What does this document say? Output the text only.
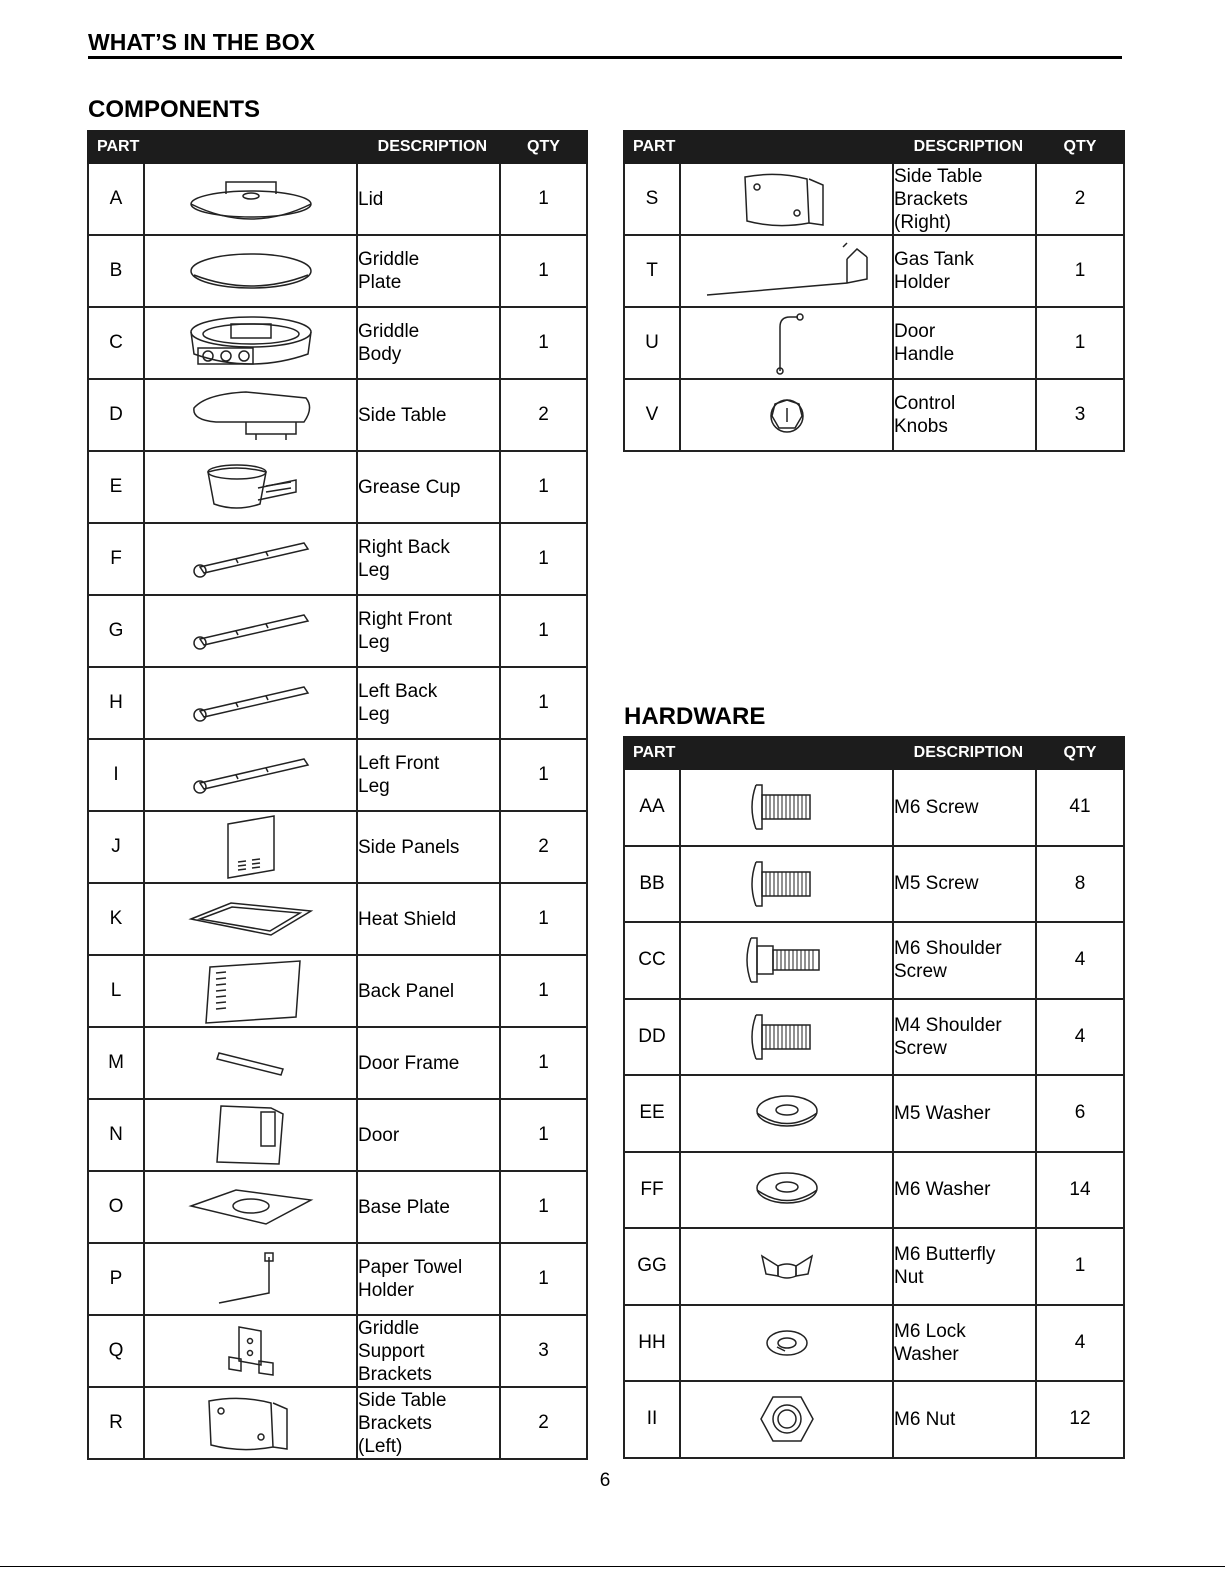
WHAT’S IN THE BOX
COMPONENTS
PART		DESCRIPTION	QTY
A		Lid	1
B		Griddle
Plate	1
C		Griddle
Body	1
D		Side Table	2
E		Grease Cup	1
F		Right Back
Leg	1
G		Right Front
Leg	1
H		Left Back
Leg	1
I		Left Front
Leg	1
J		Side Panels	2
K		Heat Shield	1
L		Back Panel	1
M		Door Frame	1
N		Door	1
O		Base Plate	1
P		Paper Towel
Holder	1
Q		Griddle
Support
Brackets	3
R		Side Table
Brackets
(Left)	2
PART		DESCRIPTION	QTY
S		Side Table
Brackets
(Right)	2
T		Gas Tank
Holder	1
U		Door
Handle	1
V		Control
Knobs	3
HARDWARE
PART		DESCRIPTION	QTY
AA		M6 Screw	41
BB		M5 Screw	8
CC		M6 Shoulder
Screw	4
DD		M4 Shoulder
Screw	4
EE		M5 Washer	6
FF		M6 Washer	14
GG		M6 Butterfly
Nut	1
HH		M6 Lock
Washer	4
II		M6 Nut	12
6
